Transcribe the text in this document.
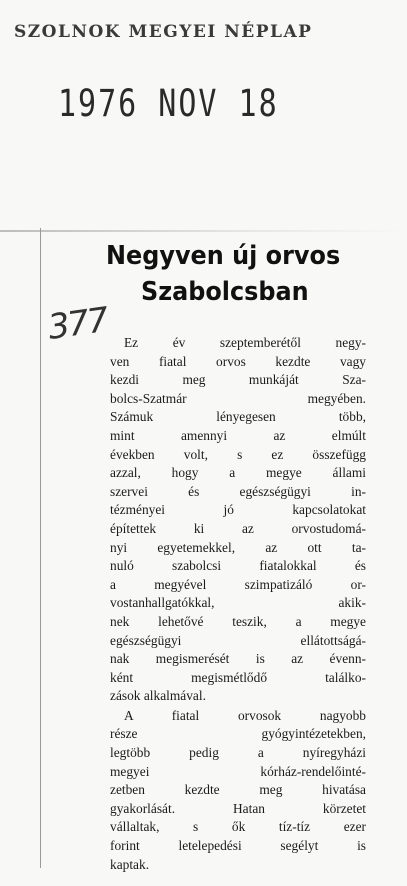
SZOLNOK MEGYEI NÉPLAP
1976 NOV 18
Negyven új orvos
Szabolcsban
377	Ez év szeptemberétől negy-
ven fiatal orvos kezdte vagy
kezdi meg munkáját Sza-
bolcs-Szatmár megyében.
Számuk lényegesen több,
mint amennyi az elmúlt
években volt, s ez összefügg
azzal, hogy a megye állami
szervei és egészségügyi in-
tézményei jó kapcsolatokat
építettek ki az orvostudomá-
nyi egyetemekkel, az ott ta-
nuló szabolcsi fiatalokkal és
a megyével szimpatizáló or-
vostanhallgatókkal, akik-
nek lehetővé teszik, a megye
egészségügyi ellátottságá-
nak megismerését is az évenn-
ként megismétlődő találko-
zások alkalmával.

A fiatal orvosok nagyobb
része gyógyintézetekben,
legtöbb pedig a nyíregyházi
megyei kórház-rendelőinté-
zetben kezdte meg hivatása
gyakorlását. Hatan körzetet
vállaltak, s ők tíz-tíz ezer
forint letelepedési segélyt is
kaptak.
